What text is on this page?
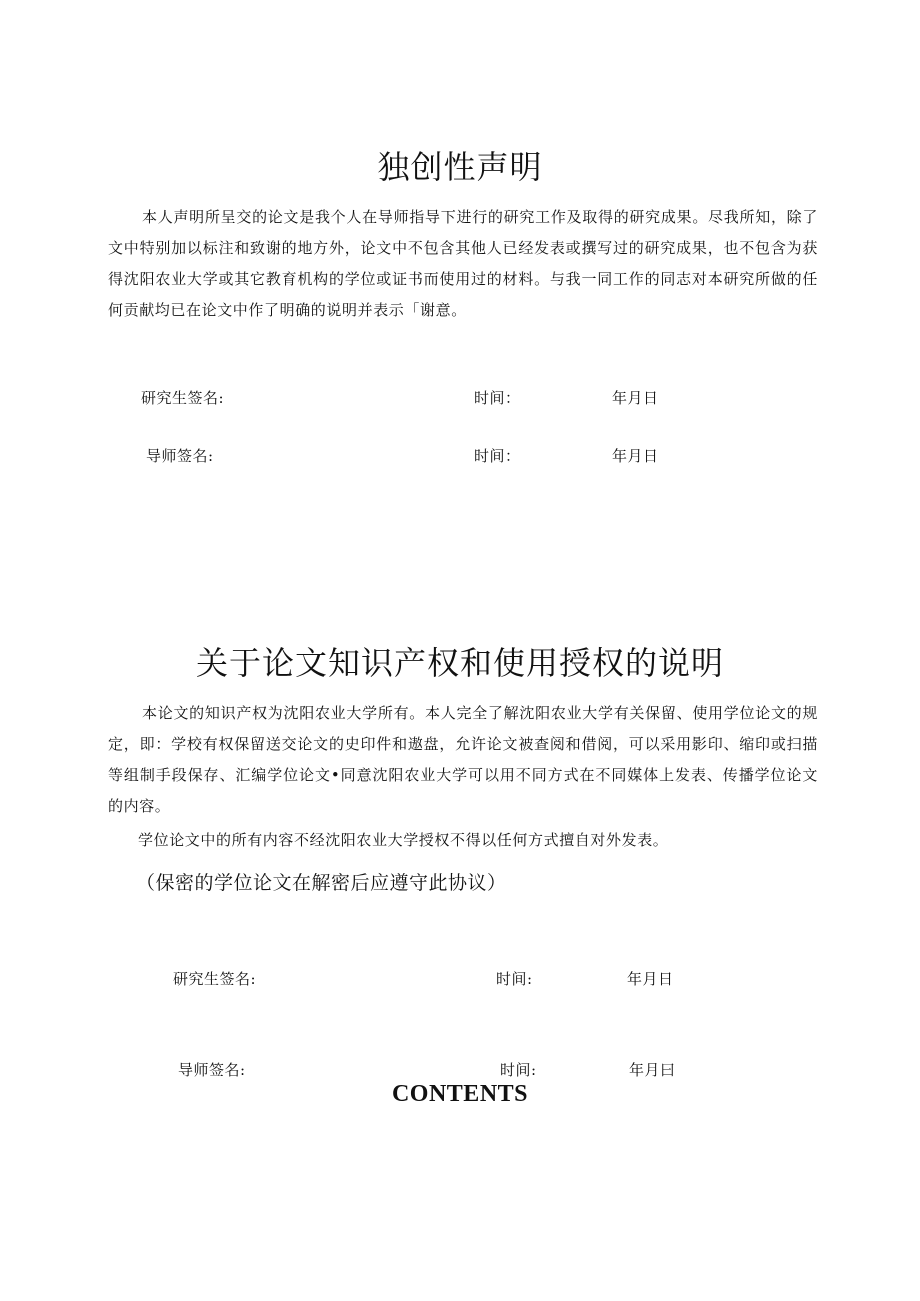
独创性声明
本人声明所呈交的论文是我个人在导师指导下进行的研究工作及取得的研究成果。尽我所知，除了文中特别加以标注和致谢的地方外，论文中不包含其他人已经发表或撰写过的研究成果，也不包含为获得沈阳农业大学或其它教育机构的学位或证书而使用过的材料。与我一同工作的同志对本研究所做的任何贡献均已在论文中作了明确的说明并表示「谢意。
研究生签名:	时间：	年月日
导师签名:	时间：	年月日
关于论文知识产权和使用授权的说明
本论文的知识产权为沈阳农业大学所有。本人完全了解沈阳农业大学有关保留、使用学位论文的规定，即：学校有权保留送交论文的史印件和遨盘，允许论文被查阅和借阅，可以采用影印、缩印或扫描等组制手段保存、汇编学位论文•同意沈阳农业大学可以用不同方式在不同媒体上发表、传播学位论文的内容。
学位论文中的所有内容不经沈阳农业大学授权不得以任何方式擅自对外发表。
（保密的学位论文在解密后应遵守此协议）
研究生签名:	时间:	年月日
导师签名:	时间:	年月曰
CONTENTS
